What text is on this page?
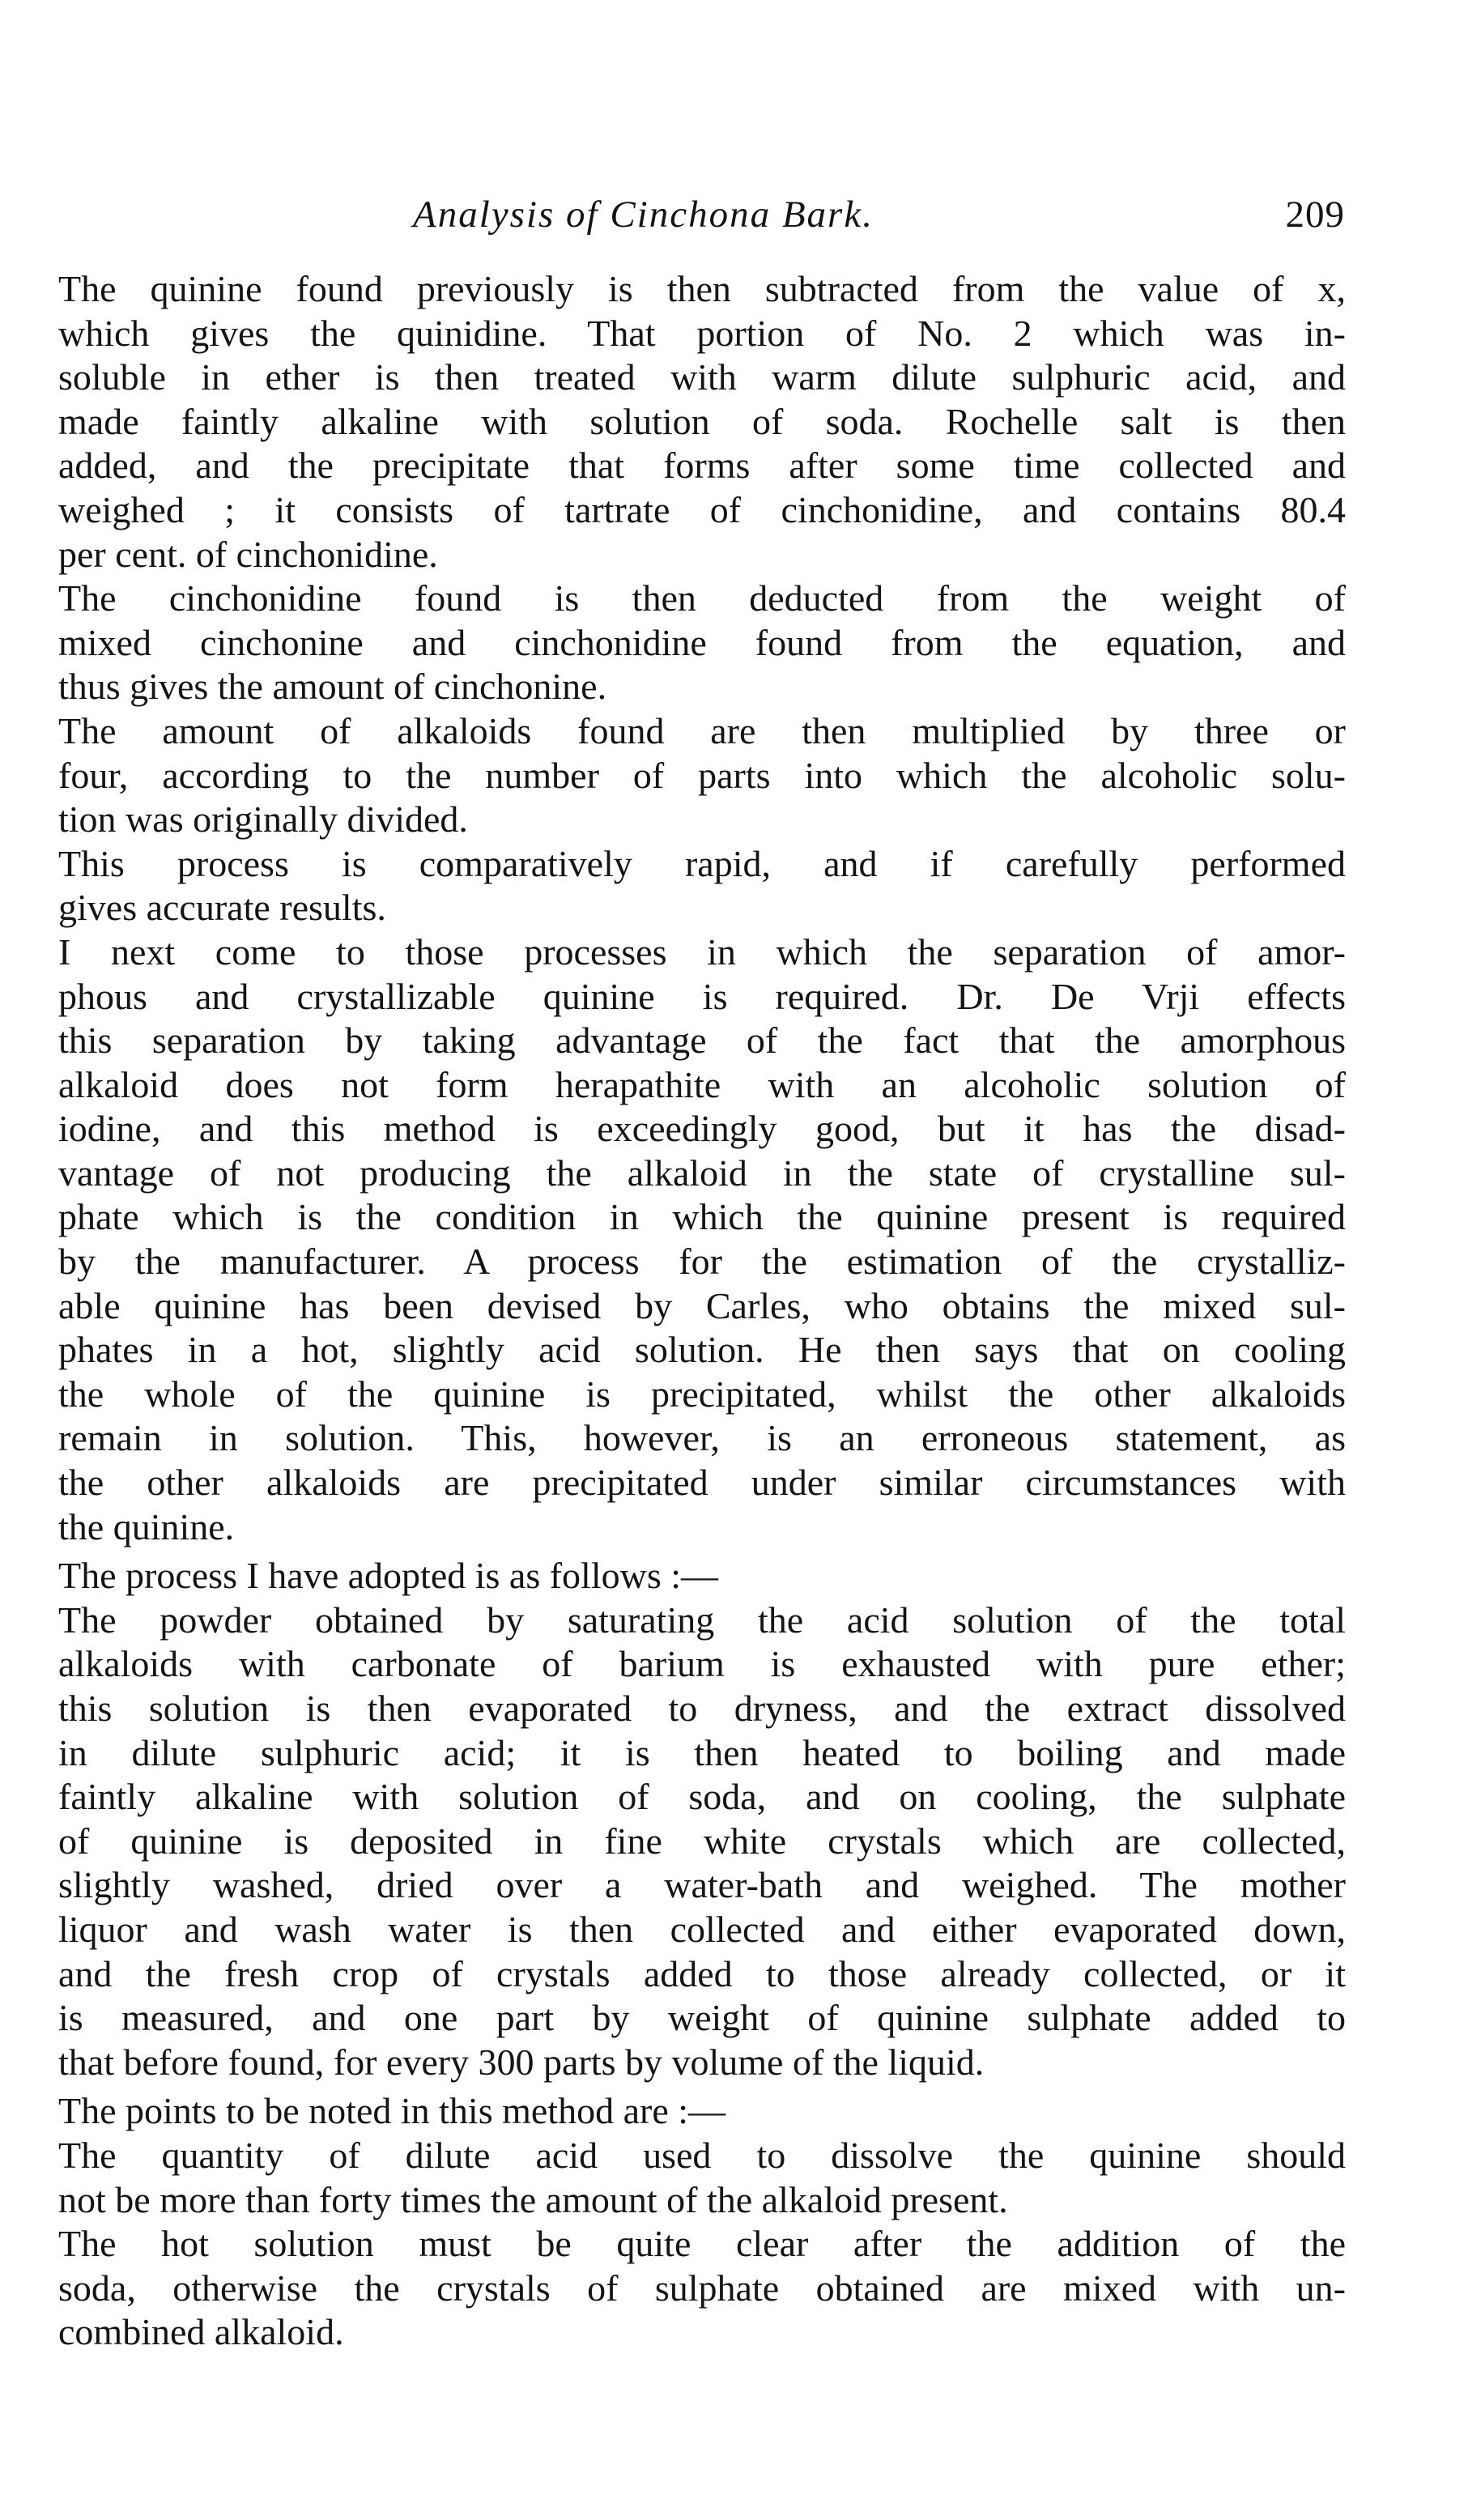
Analysis of Cinchona Bark.	209
The quinine found previously is then subtracted from the value of x,
which gives the quinidine. That portion of No. 2 which was in-
soluble in ether is then treated with warm dilute sulphuric acid, and
made faintly alkaline with solution of soda. Rochelle salt is then
added, and the precipitate that forms after some time collected and
weighed ; it consists of tartrate of cinchonidine, and contains 80.4
per cent. of cinchonidine.
The cinchonidine found is then deducted from the weight of
mixed cinchonine and cinchonidine found from the equation, and
thus gives the amount of cinchonine.
The amount of alkaloids found are then multiplied by three or
four, according to the number of parts into which the alcoholic solu-
tion was originally divided.
This process is comparatively rapid, and if carefully performed
gives accurate results.
I next come to those processes in which the separation of amor-
phous and crystallizable quinine is required. Dr. De Vrji effects
this separation by taking advantage of the fact that the amorphous
alkaloid does not form herapathite with an alcoholic solution of
iodine, and this method is exceedingly good, but it has the disad-
vantage of not producing the alkaloid in the state of crystalline sul-
phate which is the condition in which the quinine present is required
by the manufacturer. A process for the estimation of the crystalliz-
able quinine has been devised by Carles, who obtains the mixed sul-
phates in a hot, slightly acid solution. He then says that on cooling
the whole of the quinine is precipitated, whilst the other alkaloids
remain in solution. This, however, is an erroneous statement, as
the other alkaloids are precipitated under similar circumstances with
the quinine.
The process I have adopted is as follows :—
The powder obtained by saturating the acid solution of the total
alkaloids with carbonate of barium is exhausted with pure ether;
this solution is then evaporated to dryness, and the extract dissolved
in dilute sulphuric acid; it is then heated to boiling and made
faintly alkaline with solution of soda, and on cooling, the sulphate
of quinine is deposited in fine white crystals which are collected,
slightly washed, dried over a water-bath and weighed. The mother
liquor and wash water is then collected and either evaporated down,
and the fresh crop of crystals added to those already collected, or it
is measured, and one part by weight of quinine sulphate added to
that before found, for every 300 parts by volume of the liquid.
The points to be noted in this method are :—
The quantity of dilute acid used to dissolve the quinine should
not be more than forty times the amount of the alkaloid present.
The hot solution must be quite clear after the addition of the
soda, otherwise the crystals of sulphate obtained are mixed with un-
combined alkaloid.
